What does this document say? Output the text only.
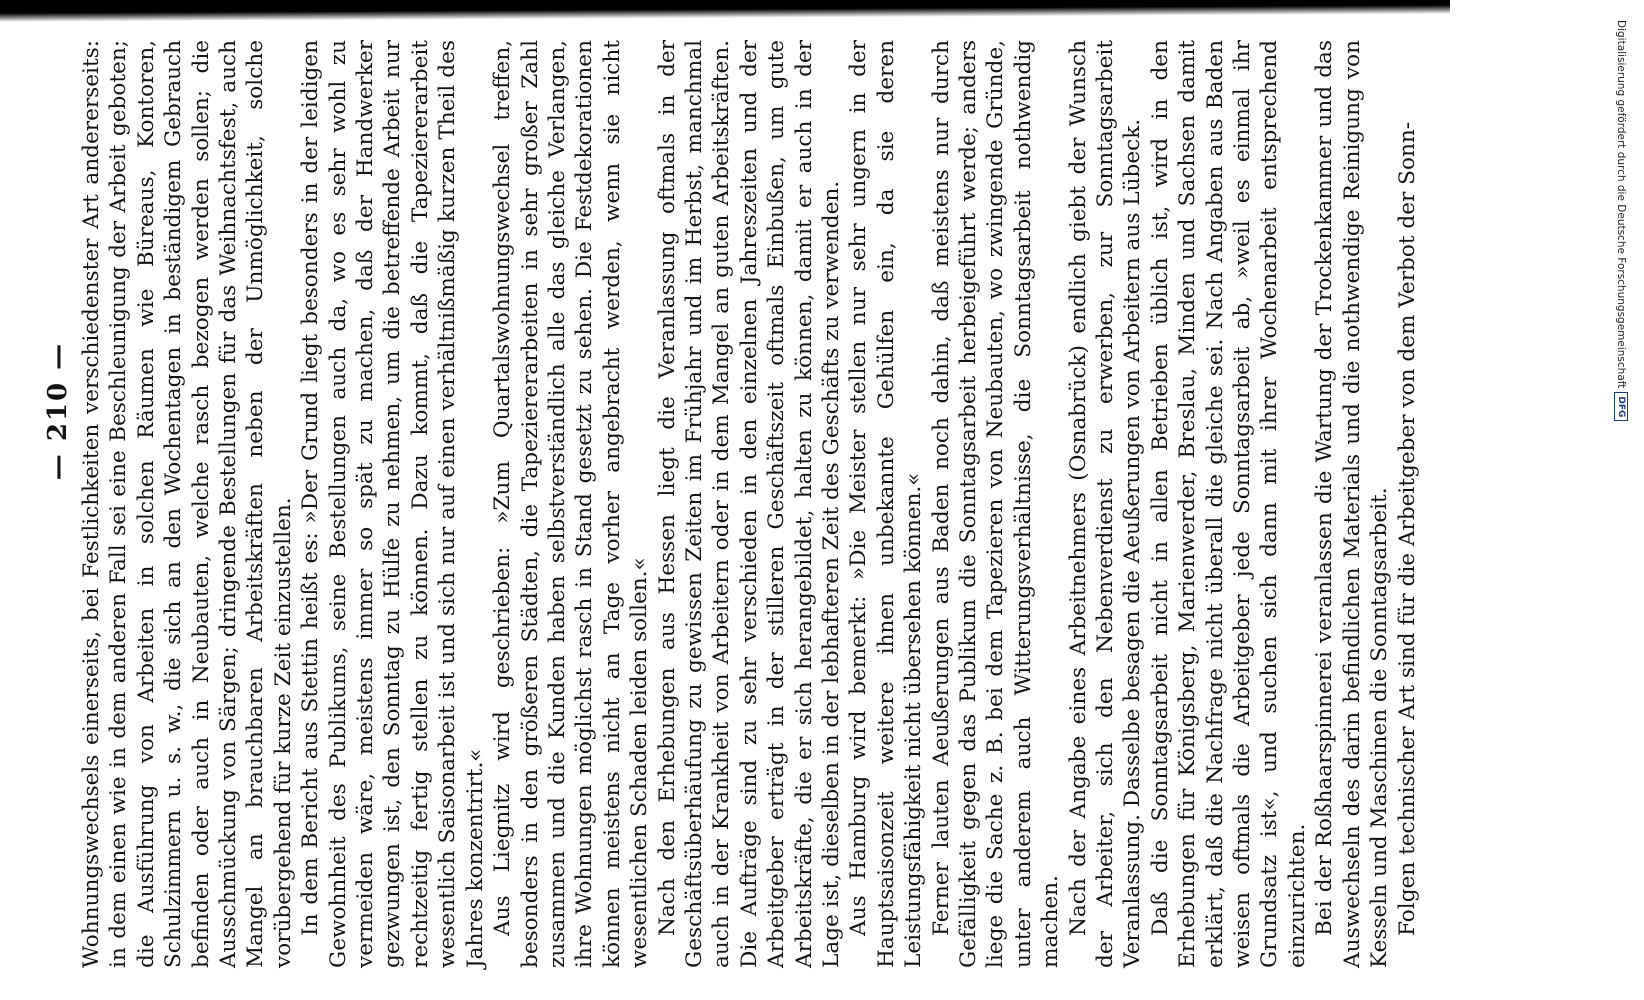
— 210 — Wohnungswechsels einerseits, bei Festlichkeiten verschiedenster Art andererseits: in dem einen wie in dem anderen Fall sei eine Beschleunigung der Arbeit geboten; die Ausführung von Arbeiten in solchen Räumen wie Büreaus, Kontoren, Schulzimmern u. s. w., die sich an den Wochentagen in beständigem Gebrauch befinden oder auch in Neubauten, welche rasch bezogen werden sollen; die Ausschmückung von Särgen; dringende Bestellungen für das Weihnachtsfest, auch Mangel an brauchbaren Arbeitskräften neben der Unmöglichkeit, solche vorübergehend für kurze Zeit einzustellen. In dem Bericht aus Stettin heißt es: »Der Grund liegt besonders in der leidigen Gewohnheit des Publikums, seine Bestellungen auch da, wo es sehr wohl zu vermeiden wäre, meistens immer so spät zu machen, daß der Handwerker gezwungen ist, den Sonntag zu Hülfe zu nehmen, um die betreffende Arbeit nur rechtzeitig fertig stellen zu können. Dazu kommt, daß die Tapeziererarbeit wesentlich Saisonarbeit ist und sich nur auf einen verhältnißmäßig kurzen Theil des Jahres konzentrirt.« Aus Liegnitz wird geschrieben: »Zum Quartalswohnungswechsel treffen, besonders in den größeren Städten, die Tapeziererarbeiten in sehr großer Zahl zusammen und die Kunden haben selbstverständlich alle das gleiche Verlangen, ihre Wohnungen möglichst rasch in Stand gesetzt zu sehen. Die Festdekorationen können meistens nicht an Tage vorher angebracht werden, wenn sie nicht wesentlichen Schaden leiden sollen.« Nach den Erhebungen aus Hessen liegt die Veranlassung oftmals in der Geschäftsüberhäufung zu gewissen Zeiten im Frühjahr und im Herbst, manchmal auch in der Krankheit von Arbeitern oder in dem Mangel an guten Arbeitskräften. Die Aufträge sind zu sehr verschieden in den einzelnen Jahreszeiten und der Arbeitgeber erträgt in der stilleren Geschäftszeit oftmals Einbußen, um gute Arbeitskräfte, die er sich herangebildet, halten zu können, damit er auch in der Lage ist, dieselben in der lebhafteren Zeit des Geschäfts zu verwenden. Aus Hamburg wird bemerkt: »Die Meister stellen nur sehr ungern in der Hauptsaisonzeit weitere ihnen unbekannte Gehülfen ein, da sie deren Leistungsfähigkeit nicht übersehen können.« Ferner lauten Aeußerungen aus Baden noch dahin, daß meistens nur durch Gefälligkeit gegen das Publikum die Sonntagsarbeit herbeigeführt werde; anders liege die Sache z. B. bei dem Tapezieren von Neubauten, wo zwingende Gründe, unter anderem auch Witterungsverhältnisse, die Sonntagsarbeit nothwendig machen. Nach der Angabe eines Arbeitnehmers (Osnabrück) endlich giebt der Wunsch der Arbeiter, sich den Nebenverdienst zu erwerben, zur Sonntagsarbeit Veranlassung. Dasselbe besagen die Aeußerungen von Arbeitern aus Lübeck. Daß die Sonntagsarbeit nicht in allen Betrieben üblich ist, wird in den Erhebungen für Königsberg, Marienwerder, Breslau, Minden und Sachsen damit erklärt, daß die Nachfrage nicht überall die gleiche sei. Nach Angaben aus Baden weisen oftmals die Arbeitgeber jede Sonntagsarbeit ab, »weil es einmal ihr Grundsatz ist«, und suchen sich dann mit ihrer Wochenarbeit entsprechend einzurichten. Bei der Roßhaarspinnerei veranlassen die Wartung der Trockenkammer und das Auswechseln des darin befindlichen Materials und die nothwendige Reinigung von Kesseln und Maschinen die Sonntagsarbeit. Folgen technischer Art sind für die Arbeitgeber von dem Verbot der Sonn-	Digitalisierung gefördert durch die Deutsche Forschungsgemeinschaft
DFG
